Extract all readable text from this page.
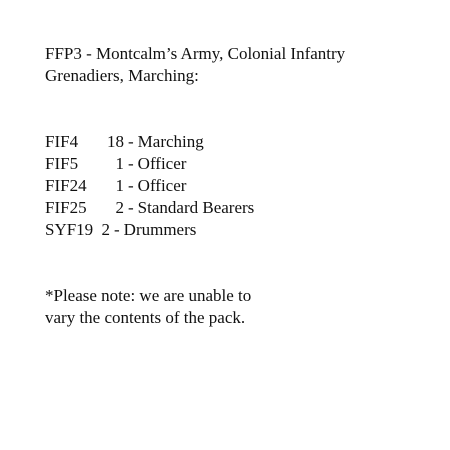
FFP3 - Montcalm’s Army, Colonial Infantry
Grenadiers, Marching:
FIF4	18 - Marching
FIF5	1 - Officer
FIF24	1 - Officer
FIF25	2 - Standard Bearers
SYF19 2 - Drummers
*Please note: we are unable to
vary the contents of the pack.
